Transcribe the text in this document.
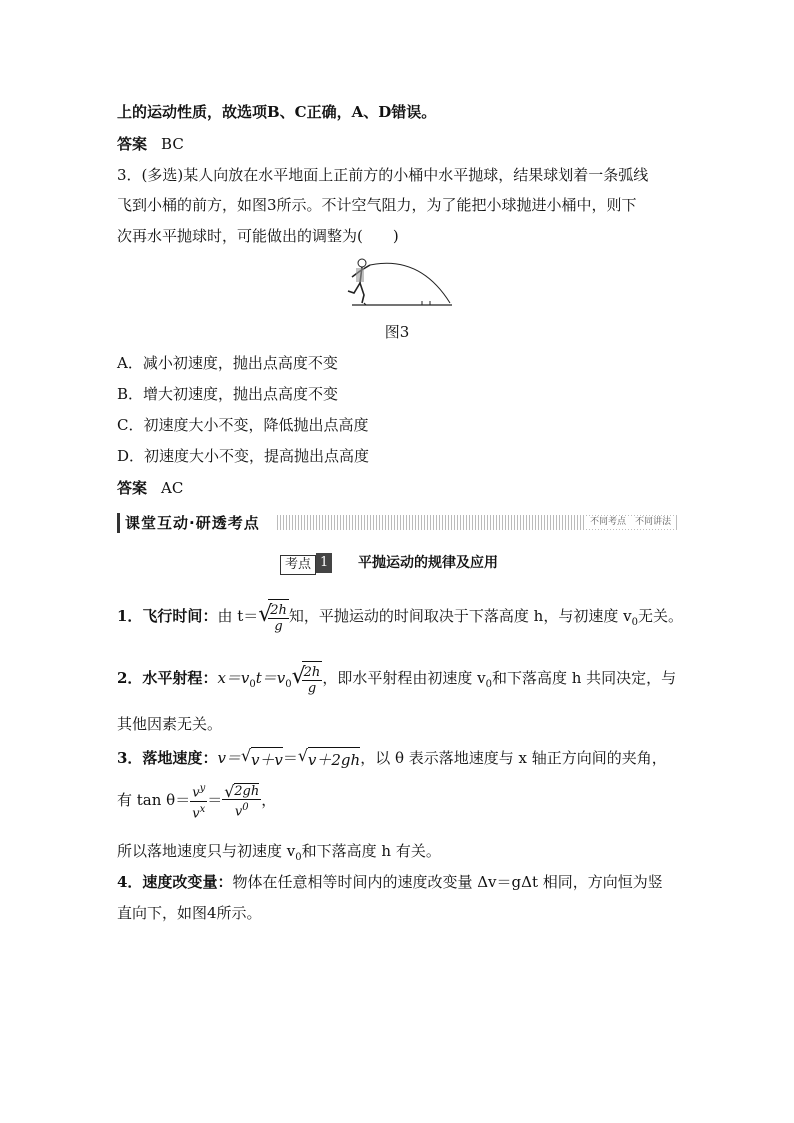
上的运动性质，故选项B、C正确，A、D错误。
答案 BC
3．(多选)某人向放在水平地面上正前方的小桶中水平抛球，结果球划着一条弧线
飞到小桶的前方，如图3所示。不计空气阻力，为了能把小球抛进小桶中，则下
次再水平抛球时，可能做出的调整为(　　)
图3
A．减小初速度，抛出点高度不变
B．增大初速度，抛出点高度不变
C．初速度大小不变，降低抛出点高度
D．初速度大小不变，提高抛出点高度
答案 AC
课堂互动·研透考点	不同考点　不同讲法
考点 1 平抛运动的规律及应用
1．飞行时间：由 t＝ √
$\frac{2h}{g}$ 知，平抛运动的时间取决于下落高度 h，与初速度 $v_0$无关。
2．水平射程：$x=v_0t=v_0$ √
$\frac{2h}{g}$ ，即水平射程由初速度 $v_0$和下落高度 h 共同决定，与
其他因素无关。
3．落地速度：v＝ √ v＋v＝ √ v＋2gh，以 θ 表示落地速度与 x 轴正方向间的夹角，
有 $\tan \theta= \frac{v^y}{v^x} = \frac{√ 2gh}{v^0}$ ，
所以落地速度只与初速度 $v_0$和下落高度 h 有关。
4．速度改变量：物体在任意相等时间内的速度改变量 Δv＝gΔt 相同，方向恒为竖
直向下，如图4所示。
